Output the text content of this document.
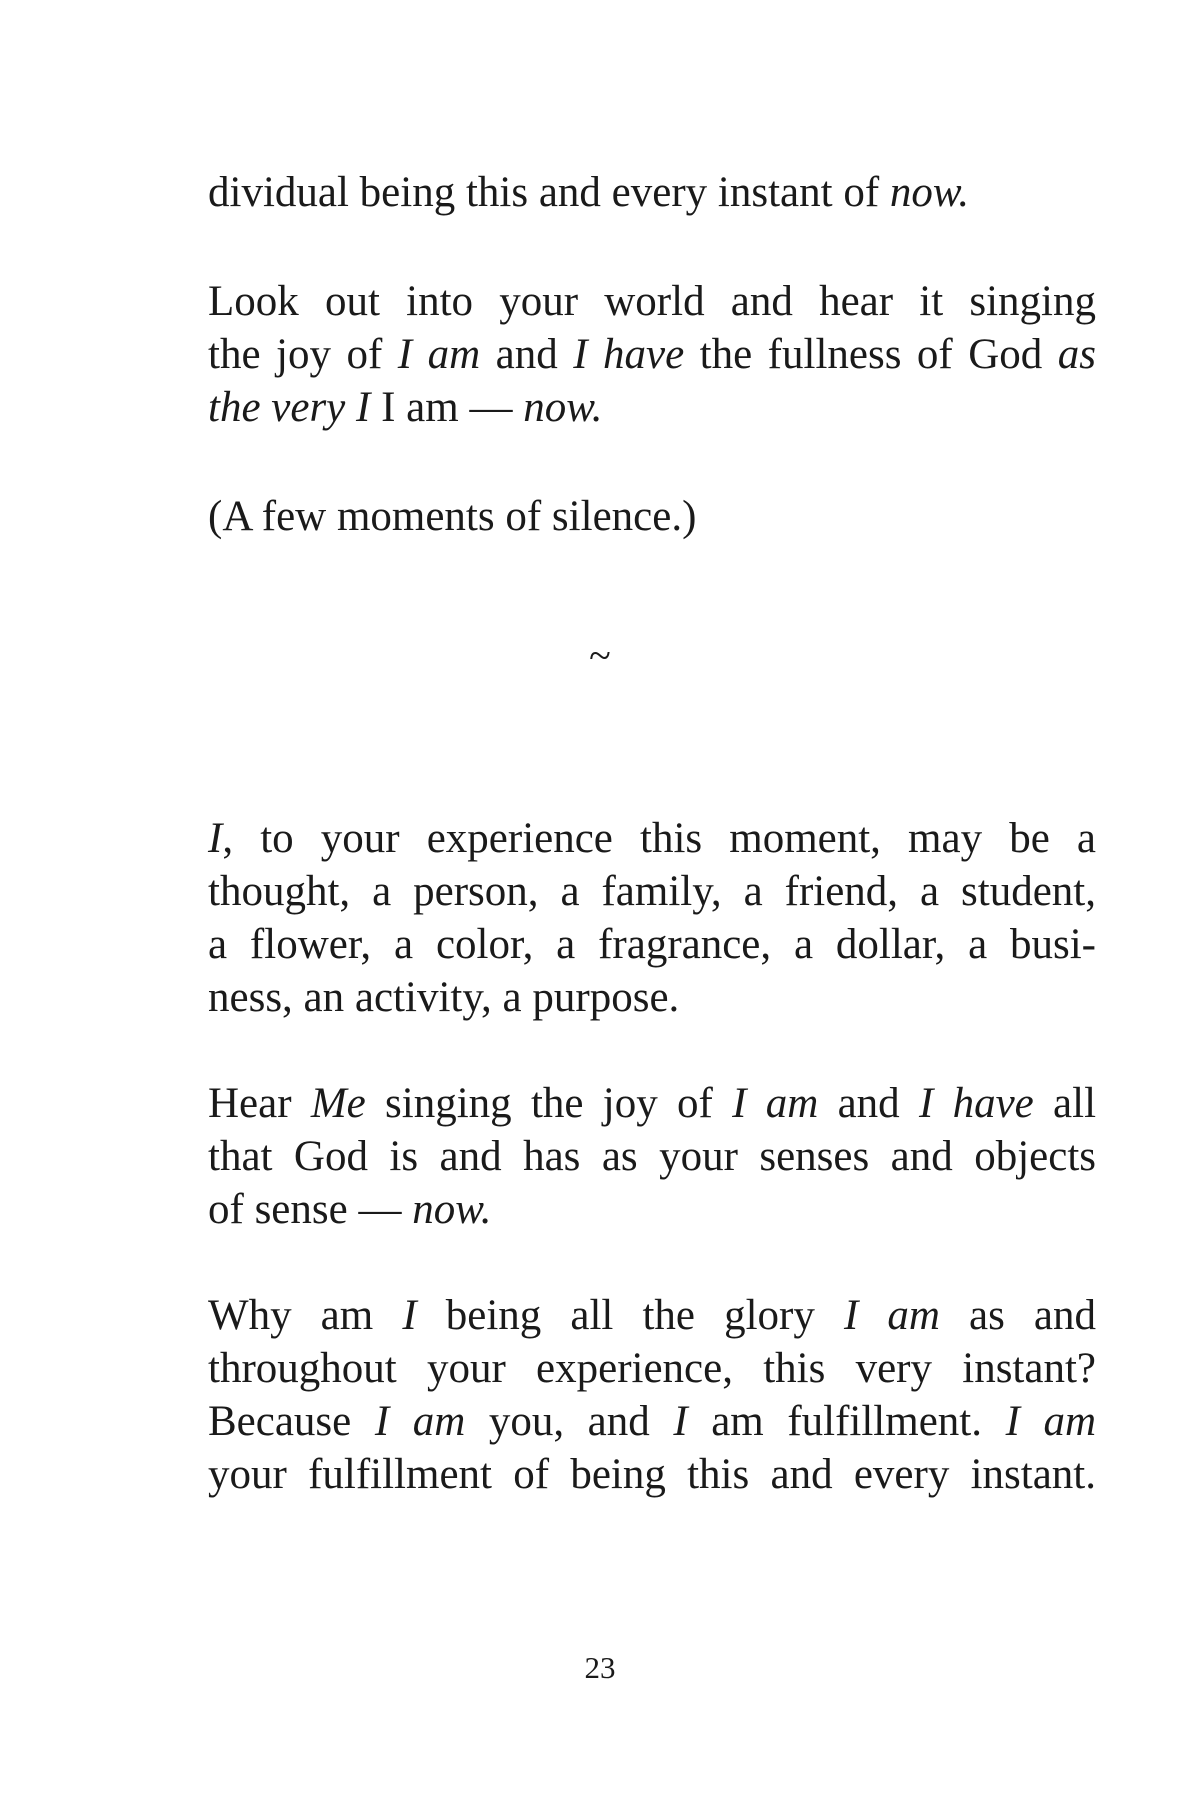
dividual being this and every instant of now.
Look out into your world and hear it singing
the joy of I am and I have the fullness of God as
the very I I am — now.
(A few moments of silence.)
~
I, to your experience this moment, may be a
thought, a person, a family, a friend, a student,
a flower, a color, a fragrance, a dollar, a busi-
ness, an activity, a purpose.
Hear Me singing the joy of I am and I have all
that God is and has as your senses and objects
of sense — now.
Why am I being all the glory I am as and
throughout your experience, this very instant?
Because I am you, and I am fulfillment. I am
your fulfillment of being this and every instant.
23
